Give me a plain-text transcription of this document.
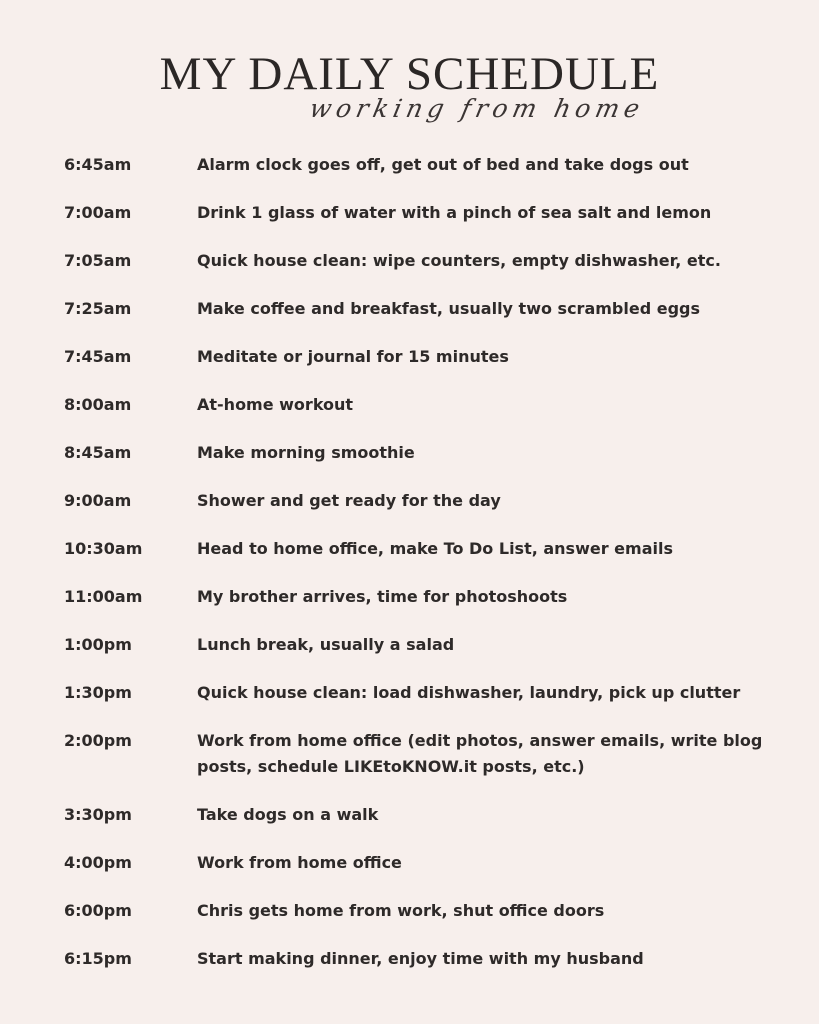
MY DAILY SCHEDULE
working from home
6:45am	Alarm clock goes off, get out of bed and take dogs out
7:00am	Drink 1 glass of water with a pinch of sea salt and lemon
7:05am	Quick house clean: wipe counters, empty dishwasher, etc.
7:25am	Make coffee and breakfast, usually two scrambled eggs
7:45am	Meditate or journal for 15 minutes
8:00am	At-home workout
8:45am	Make morning smoothie
9:00am	Shower and get ready for the day
10:30am	Head to home office, make To Do List, answer emails
11:00am	My brother arrives, time for photoshoots
1:00pm	Lunch break, usually a salad
1:30pm	Quick house clean: load dishwasher, laundry, pick up clutter
2:00pm	Work from home office (edit photos, answer emails, write blog posts, schedule LIKEtoKNOW.it posts, etc.)
3:30pm	Take dogs on a walk
4:00pm	Work from home office
6:00pm	Chris gets home from work, shut office doors
6:15pm	Start making dinner, enjoy time with my husband
